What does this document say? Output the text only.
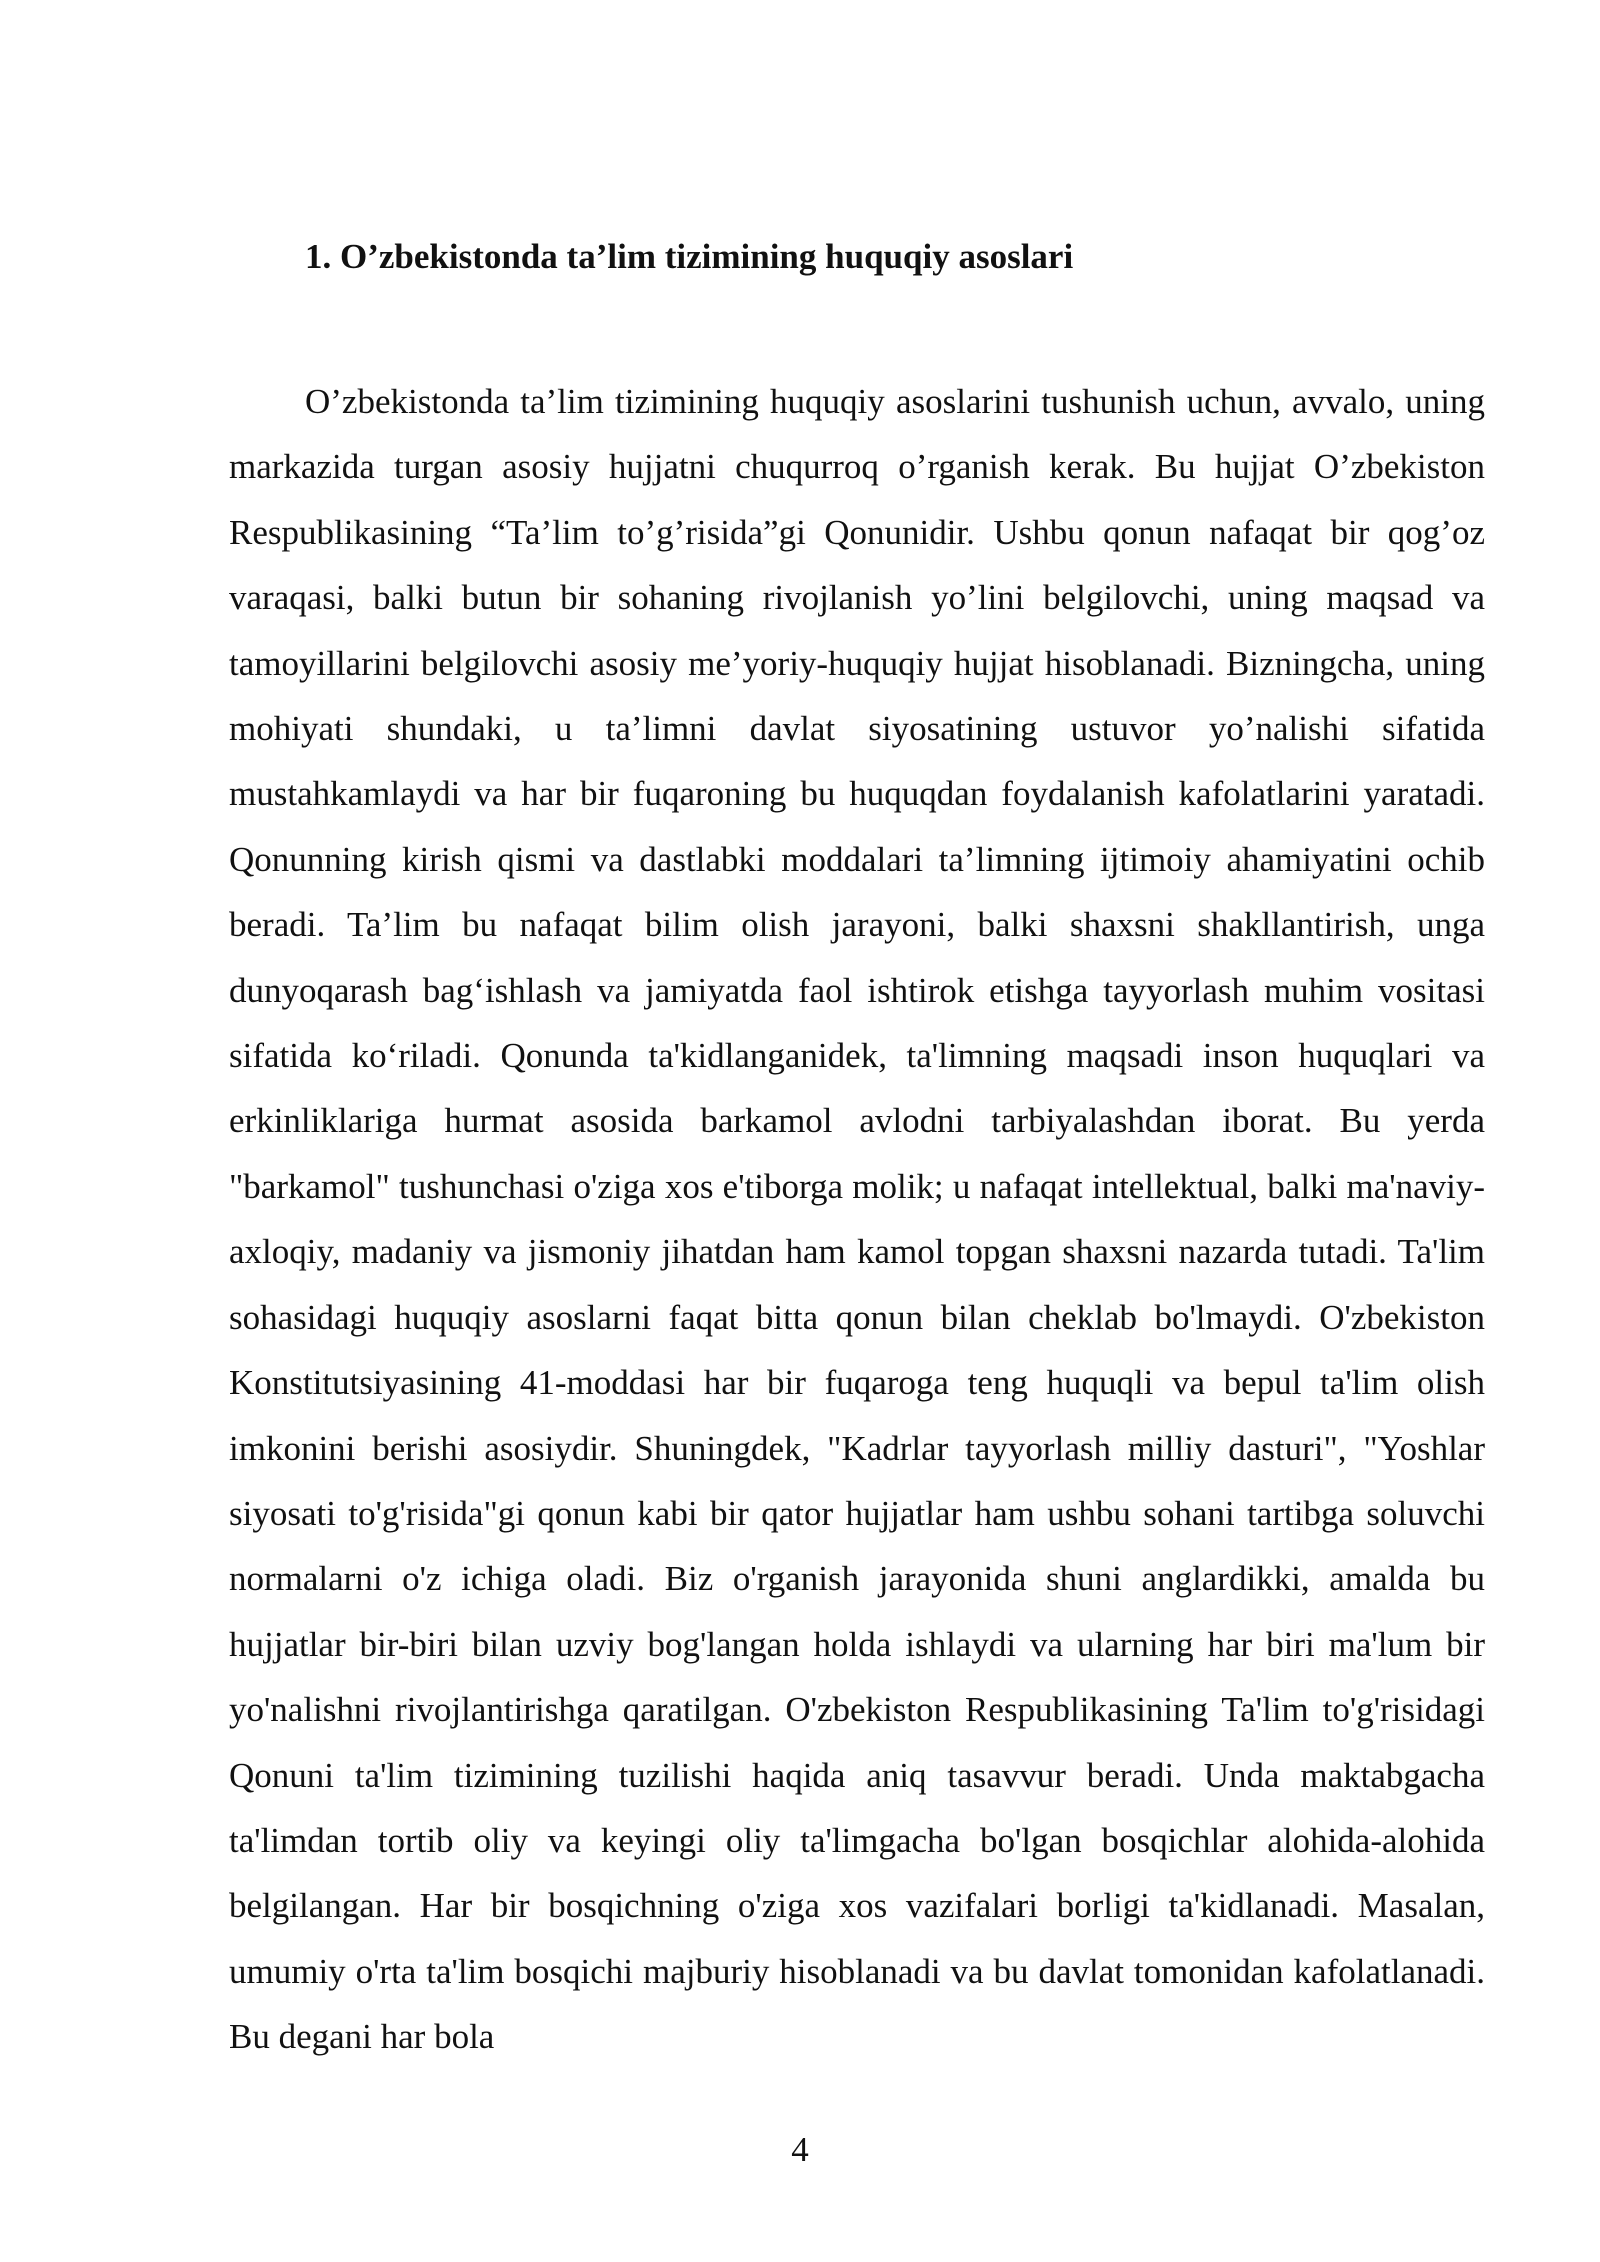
1. O’zbekistonda ta’lim tizimining huquqiy asoslari

O’zbekistonda ta’lim tizimining huquqiy asoslarini tushunish uchun, avvalo, uning markazida turgan asosiy hujjatni chuqurroq o’rganish kerak. Bu hujjat O’zbekiston Respublikasining “Ta’lim to’g’risida”gi Qonunidir. Ushbu qonun nafaqat bir qog’oz varaqasi, balki butun bir sohaning rivojlanish yo’lini belgilovchi, uning maqsad va tamoyillarini belgilovchi asosiy me’yoriy-huquqiy hujjat hisoblanadi. Bizningcha, uning mohiyati shundaki, u ta’limni davlat siyosatining ustuvor yo’nalishi sifatida mustahkamlaydi va har bir fuqaroning bu huquqdan foydalanish kafolatlarini yaratadi. Qonunning kirish qismi va dastlabki moddalari ta’limning ijtimoiy ahamiyatini ochib beradi. Ta’lim bu nafaqat bilim olish jarayoni, balki shaxsni shakllantirish, unga dunyoqarash bag‘ishlash va jamiyatda faol ishtirok etishga tayyorlash muhim vositasi sifatida ko‘riladi. Qonunda ta'kidlanganidek, ta'limning maqsadi inson huquqlari va erkinliklariga hurmat asosida barkamol avlodni tarbiyalashdan iborat. Bu yerda "barkamol" tushunchasi o'ziga xos e'tiborga molik; u nafaqat intellektual, balki ma'naviy-axloqiy, madaniy va jismoniy jihatdan ham kamol topgan shaxsni nazarda tutadi. Ta'lim sohasidagi huquqiy asoslarni faqat bitta qonun bilan cheklab bo'lmaydi. O'zbekiston Konstitutsiyasining 41-moddasi har bir fuqaroga teng huquqli va bepul ta'lim olish imkonini berishi asosiydir. Shuningdek, "Kadrlar tayyorlash milliy dasturi", "Yoshlar siyosati to'g'risida"gi qonun kabi bir qator hujjatlar ham ushbu sohani tartibga soluvchi normalarni o'z ichiga oladi. Biz o'rganish jarayonida shuni anglardikki, amalda bu hujjatlar bir-biri bilan uzviy bog'langan holda ishlaydi va ularning har biri ma'lum bir yo'nalishni rivojlantirishga qaratilgan. O'zbekiston Respublikasining Ta'lim to'g'risidagi Qonuni ta'lim tizimining tuzilishi haqida aniq tasavvur beradi. Unda maktabgacha ta'limdan tortib oliy va keyingi oliy ta'limgacha bo'lgan bosqichlar alohida-alohida belgilangan. Har bir bosqichning o'ziga xos vazifalari borligi ta'kidlanadi. Masalan, umumiy o'rta ta'lim bosqichi majburiy hisoblanadi va bu davlat tomonidan kafolatlanadi. Bu degani har bola

4
